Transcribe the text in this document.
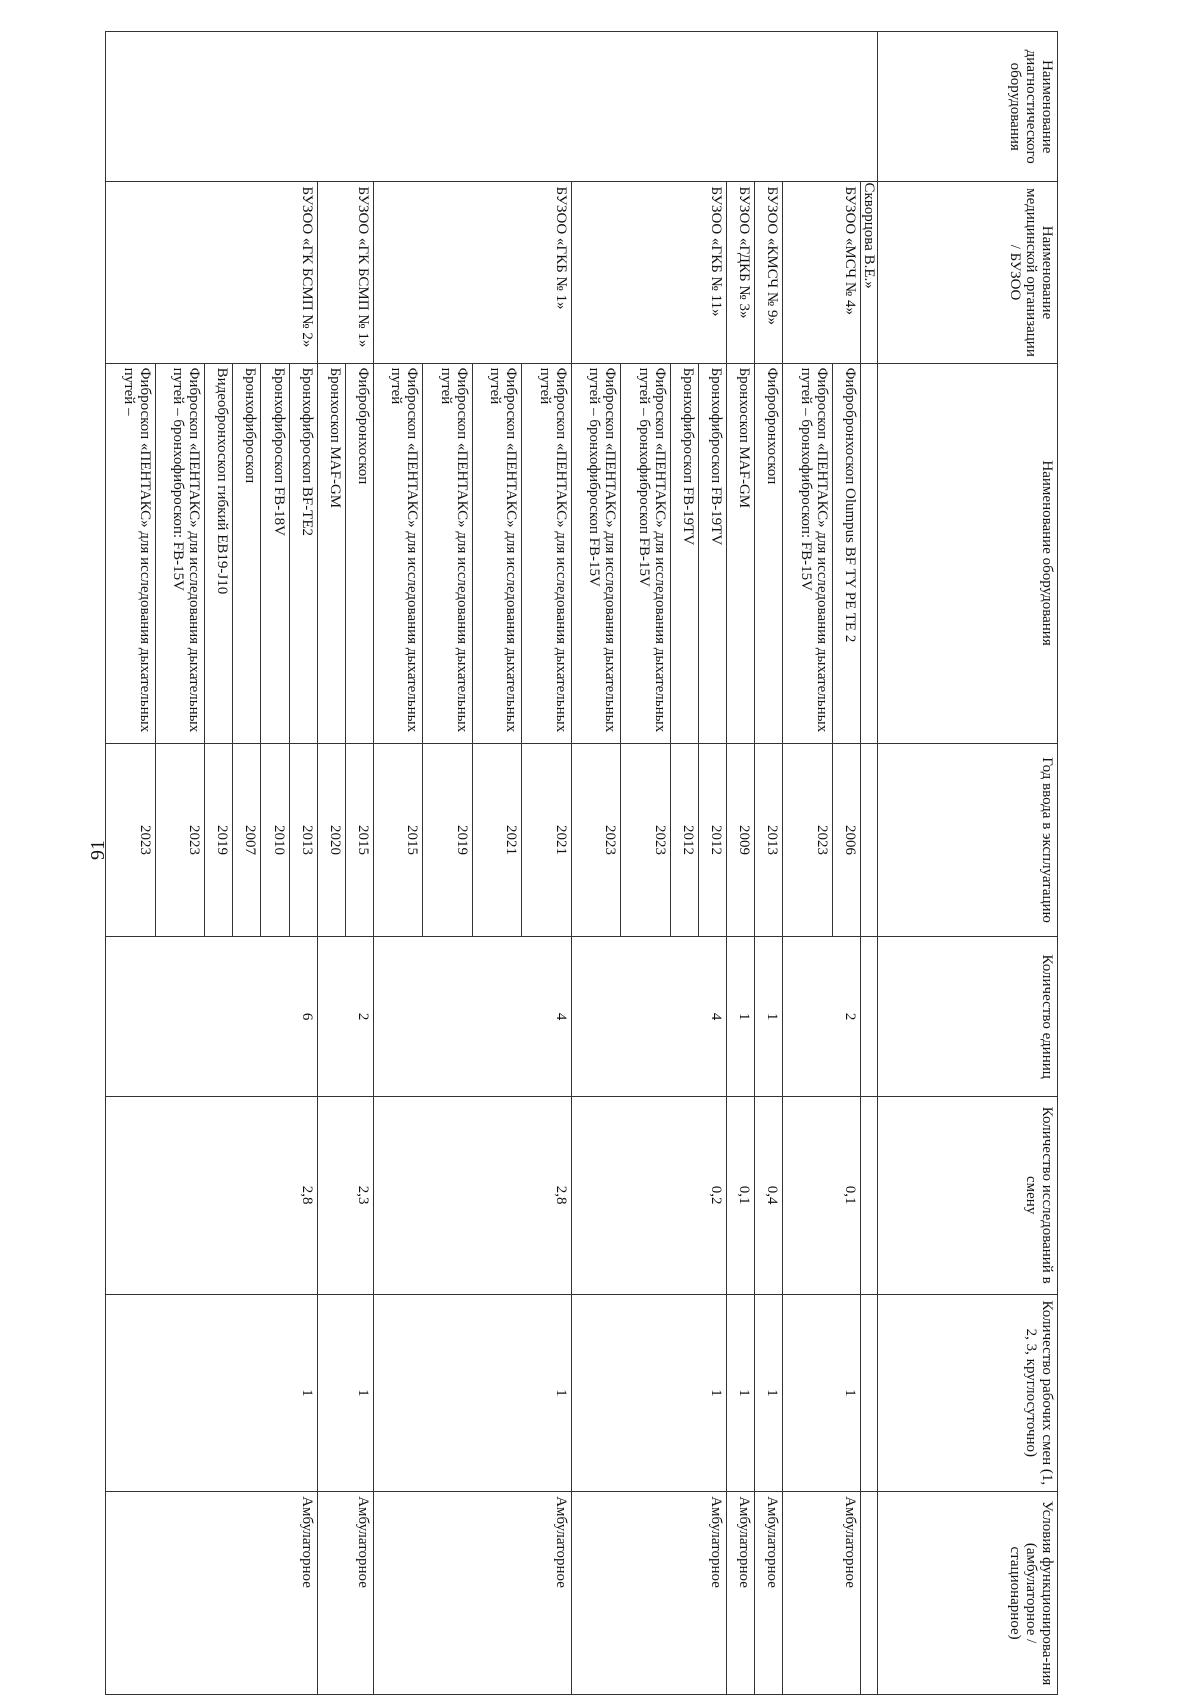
91
Наименование диагностического оборудования	Наименование медицинской организации / БУЗОО	Наименование оборудования	Год ввода в эксплуатацию	Количество единиц	Количество исследований в смену	Количество рабочих смен (1, 2, 3, круглосуточно)	Условия функционирова-ния (амбулаторное / стационарное)
	Скворцова В.Е.»						
	БУЗОО «МСЧ № 4»	Фибробронхоскоп Olumpus BF TY PE TE 2	2006	2	0,1	1	Амбулаторное
		Фиброскоп «ПЕНТАКС» для исследования дыхательных путей – бронхофиброскоп: FB-15V	2023				
	БУЗОО «КМСЧ № 9»	Фибробронхоскоп	2013	1	0,4	1	Амбулаторное
	БУЗОО «ГДКБ № 3»	Бронхоскоп MAF-GM	2009	1	0,1	1	Амбулаторное
	БУЗОО «ГКБ № 11»	Бронхофиброскоп FB-19TV	2012	4	0,2	1	Амбулаторное
		Бронхофиброскоп FB-19TV	2012				
		Фиброскоп «ПЕНТАКС» для исследования дыхательных путей – бронхофиброскоп FB-15V	2023				
		Фиброскоп «ПЕНТАКС» для исследования дыхательных путей – бронхофиброскоп FB-15V	2023				
	БУЗОО «ГКБ № 1»	Фиброскоп «ПЕНТАКС» для исследования дыхательных путей	2021	4	2,8	1	Амбулаторное
		Фиброскоп «ПЕНТАКС» для исследования дыхательных путей	2021				
		Фиброскоп «ПЕНТАКС» для исследования дыхательных путей	2019				
		Фиброскоп «ПЕНТАКС» для исследования дыхательных путей	2015				
	БУЗОО «ГК БСМП № 1»	Фибробронхоскоп	2015	2	2,3	1	Амбулаторное
		Бронхоскоп MAF-GM	2020				
	БУЗОО «ГК БСМП № 2»	Бронхофиброскоп BF-TE2	2013	6	2,8	1	Амбулаторное
		Бронхофиброскоп FB-18V	2010				
		Бронхофиброскоп	2007				
		Видеобронхоскоп гибкий EB19-J10	2019				
		Фиброскоп «ПЕНТАКС» для исследования дыхательных путей – бронхофиброскоп: FB-15V	2023				
		Фиброскоп «ПЕНТАКС» для исследования дыхательных путей –	2023				
